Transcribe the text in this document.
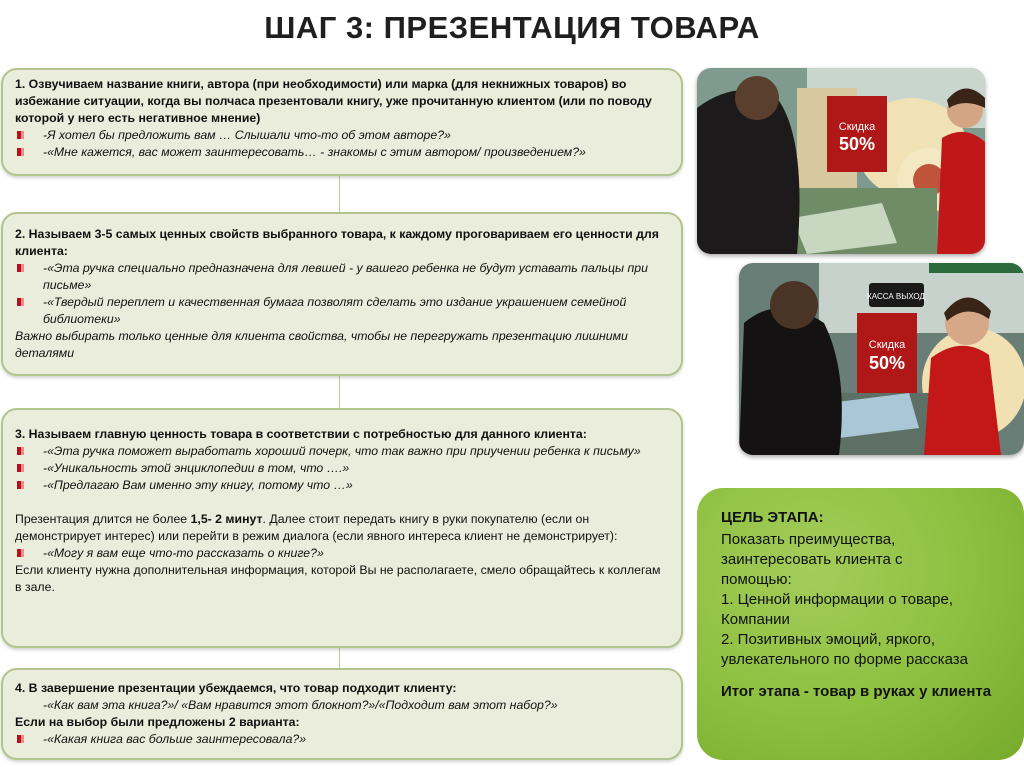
ШАГ 3: ПРЕЗЕНТАЦИЯ ТОВАРА
1. Озвучиваем название книги, автора (при необходимости) или марка (для некнижных товаров) во избежание ситуации, когда вы полчаса презентовали книгу, уже прочитанную клиентом (или по поводу которой у него есть негативное мнение)
-Я хотел бы предложить вам … Слышали что-то об этом авторе?»
-«Мне кажется, вас может заинтересовать… - знакомы с этим автором/ произведением?»
2. Называем 3-5 самых ценных свойств выбранного товара, к каждому проговариваем его ценности для клиента:
-«Эта ручка специально предназначена для левшей - у вашего ребенка не будут уставать пальцы при письме»
-«Твердый переплет и качественная бумага позволят сделать это издание украшением семейной библиотеки»
Важно выбирать только ценные для клиента свойства, чтобы не перегружать презентацию лишними деталями
3. Называем главную ценность товара в соответствии с потребностью для данного клиента:
-«Эта ручка поможет выработать хороший почерк, что так важно при приучении ребенка к письму»
-«Уникальность этой энциклопедии в том, что ….»
-«Предлагаю Вам именно эту книгу, потому что …»
Презентация длится не более 1,5- 2 минут. Далее стоит передать книгу в руки покупателю (если он демонстрирует интерес) или перейти в режим диалога (если явного интереса клиент не демонстрирует):
-«Могу я вам еще что-то рассказать о книге?»
Если клиенту нужна дополнительная информация, которой Вы не располагаете, смело обращайтесь к коллегам в зале.
4. В завершение презентации убеждаемся, что товар подходит клиенту:
-«Как вам эта книга?»/ «Вам нравится этот блокнот?»/«Подходит вам этот набор?»
Если на выбор были предложены 2 варианта:
-«Какая книга вас больше заинтересовала?»
Скидка
50%
КАССА ВЫХОД
Скидка
50%
ЦЕЛЬ ЭТАПА:
Показать преимущества,
заинтересовать клиента с
помощью:
1. Ценной информации о товаре,
Компании
2. Позитивных эмоций, яркого,
увлекательного по форме рассказа
Итог этапа - товар в руках у клиента
